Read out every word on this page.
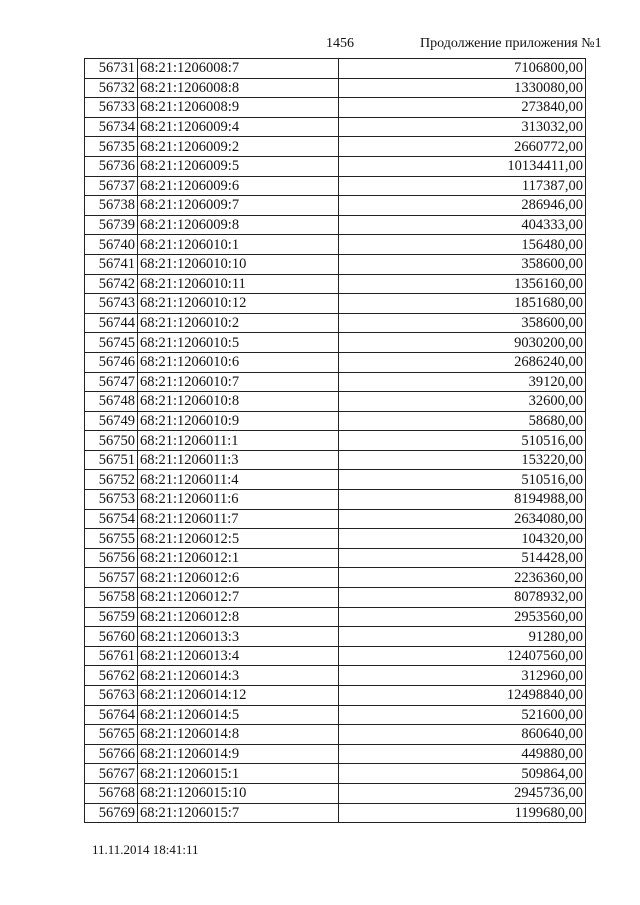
1456	Продолжение приложения №1
56731	68:21:1206008:7	7106800,00
56732	68:21:1206008:8	1330080,00
56733	68:21:1206008:9	273840,00
56734	68:21:1206009:4	313032,00
56735	68:21:1206009:2	2660772,00
56736	68:21:1206009:5	10134411,00
56737	68:21:1206009:6	117387,00
56738	68:21:1206009:7	286946,00
56739	68:21:1206009:8	404333,00
56740	68:21:1206010:1	156480,00
56741	68:21:1206010:10	358600,00
56742	68:21:1206010:11	1356160,00
56743	68:21:1206010:12	1851680,00
56744	68:21:1206010:2	358600,00
56745	68:21:1206010:5	9030200,00
56746	68:21:1206010:6	2686240,00
56747	68:21:1206010:7	39120,00
56748	68:21:1206010:8	32600,00
56749	68:21:1206010:9	58680,00
56750	68:21:1206011:1	510516,00
56751	68:21:1206011:3	153220,00
56752	68:21:1206011:4	510516,00
56753	68:21:1206011:6	8194988,00
56754	68:21:1206011:7	2634080,00
56755	68:21:1206012:5	104320,00
56756	68:21:1206012:1	514428,00
56757	68:21:1206012:6	2236360,00
56758	68:21:1206012:7	8078932,00
56759	68:21:1206012:8	2953560,00
56760	68:21:1206013:3	91280,00
56761	68:21:1206013:4	12407560,00
56762	68:21:1206014:3	312960,00
56763	68:21:1206014:12	12498840,00
56764	68:21:1206014:5	521600,00
56765	68:21:1206014:8	860640,00
56766	68:21:1206014:9	449880,00
56767	68:21:1206015:1	509864,00
56768	68:21:1206015:10	2945736,00
56769	68:21:1206015:7	1199680,00
11.11.2014 18:41:11
